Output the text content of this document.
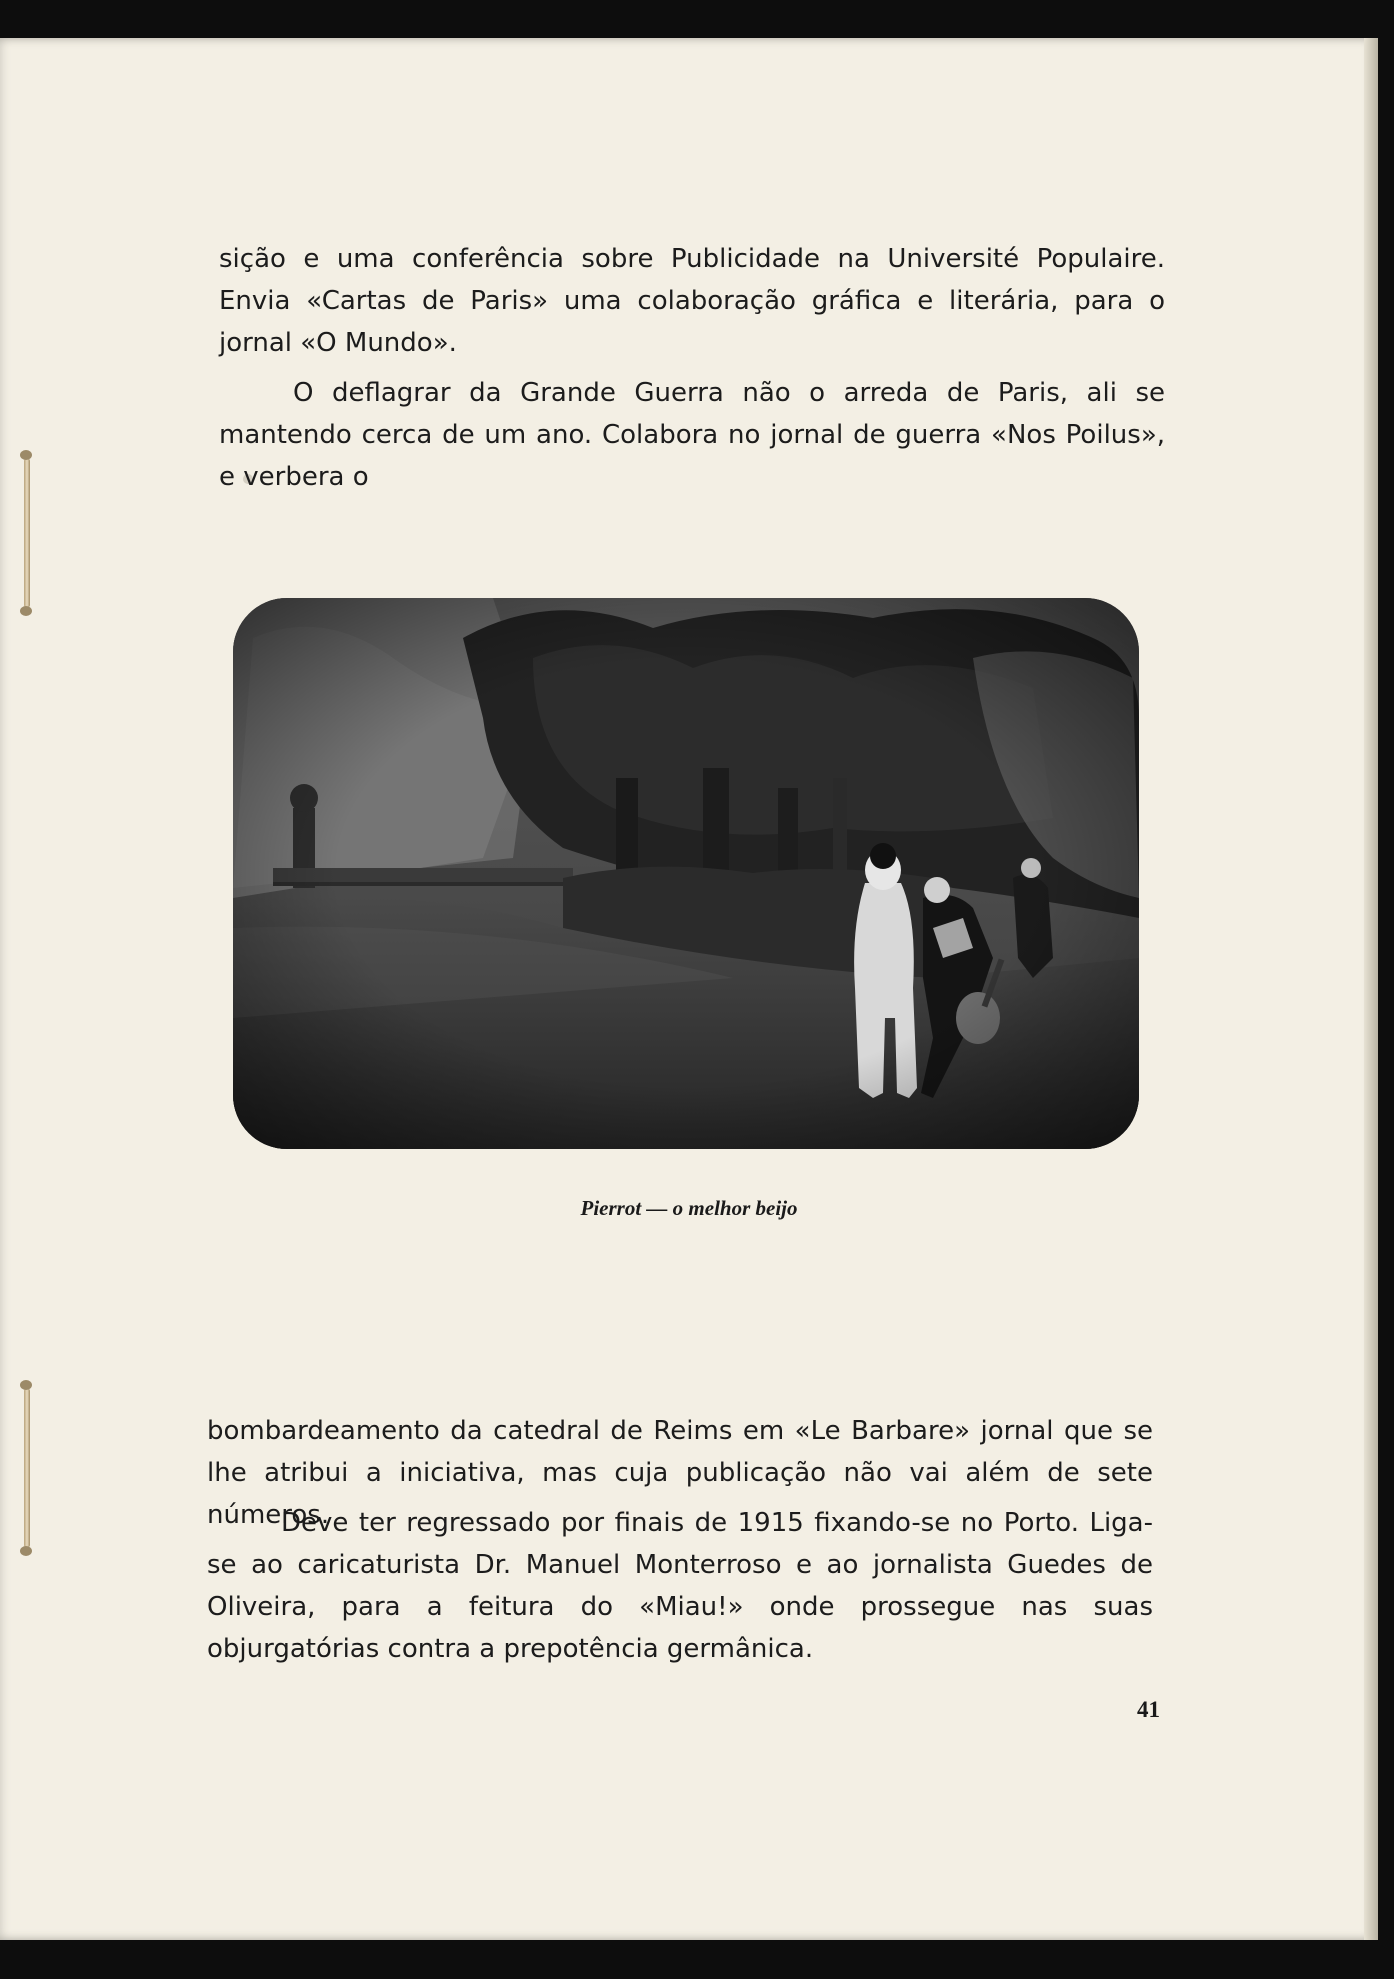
sição e uma conferência sobre Publicidade na Université Populaire. Envia «Cartas de Paris» uma colaboração gráfica e literária, para o jornal «O Mundo».

O deflagrar da Grande Guerra não o arreda de Paris, ali se mantendo cerca de um ano. Colabora no jornal de guerra «Nos Poilus», e verbera o

Pierrot — o melhor beijo

bombardeamento da catedral de Reims em «Le Barbare» jornal que se lhe atribui a iniciativa, mas cuja publicação não vai além de sete números.

Deve ter regressado por finais de 1915 fixando-se no Porto. Liga-se ao caricaturista Dr. Manuel Monterroso e ao jornalista Guedes de Oliveira, para a feitura do «Miau!» onde prossegue nas suas objurgatórias contra a prepotência germânica.

41
